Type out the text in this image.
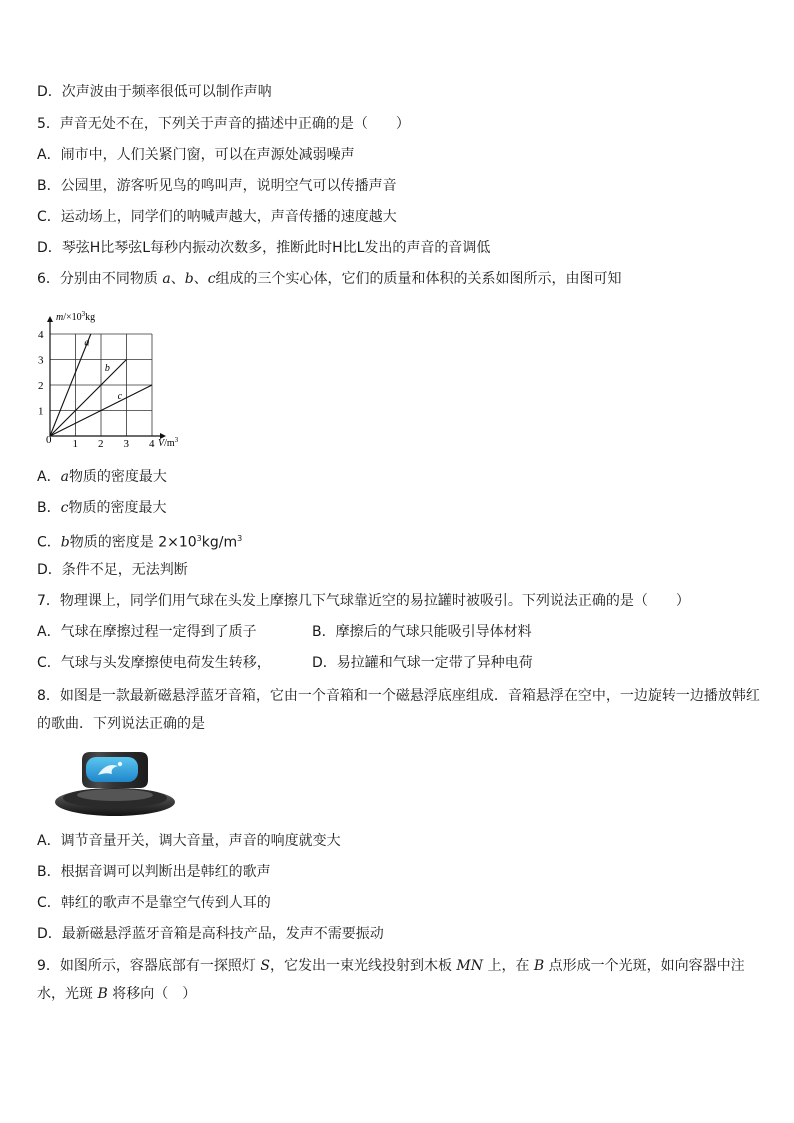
D．次声波由于频率很低可以制作声呐
5．声音无处不在，下列关于声音的描述中正确的是（　　）
A．闹市中，人们关紧门窗，可以在声源处减弱噪声
B．公园里，游客听见鸟的鸣叫声，说明空气可以传播声音
C．运动场上，同学们的呐喊声越大，声音传播的速度越大
D．琴弦H比琴弦L每秒内振动次数多，推断此时H比L发出的声音的音调低
6．分别由不同物质 a、b、c组成的三个实心体，它们的质量和体积的关系如图所示，由图可知
1 2 3 4
1
2
3
4
a
b
c
$m/\times 10^3kg$
$V/m^3$
0
A．a物质的密度最大
B．c物质的密度最大
C．b物质的密度是 $2\times 10^3kg/m^3$
D．条件不足，无法判断
7．物理课上，同学们用气球在头发上摩擦几下气球靠近空的易拉罐时被吸引。下列说法正确的是（　　）
A．气球在摩擦过程一定得到了质子	B．摩擦后的气球只能吸引导体材料
C．气球与头发摩擦使电荷发生转移，	D．易拉罐和气球一定带了异种电荷
8．如图是一款最新磁悬浮蓝牙音箱，它由一个音箱和一个磁悬浮底座组成．音箱悬浮在空中，一边旋转一边播放韩红的歌曲．下列说法正确的是
A．调节音量开关，调大音量，声音的响度就变大
B．根据音调可以判断出是韩红的歌声
C．韩红的歌声不是靠空气传到人耳的
D．最新磁悬浮蓝牙音箱是高科技产品，发声不需要振动
9．如图所示，容器底部有一探照灯 S，它发出一束光线投射到木板 MN 上，在 B 点形成一个光斑，如向容器中注水，光斑 B 将移向（　）
